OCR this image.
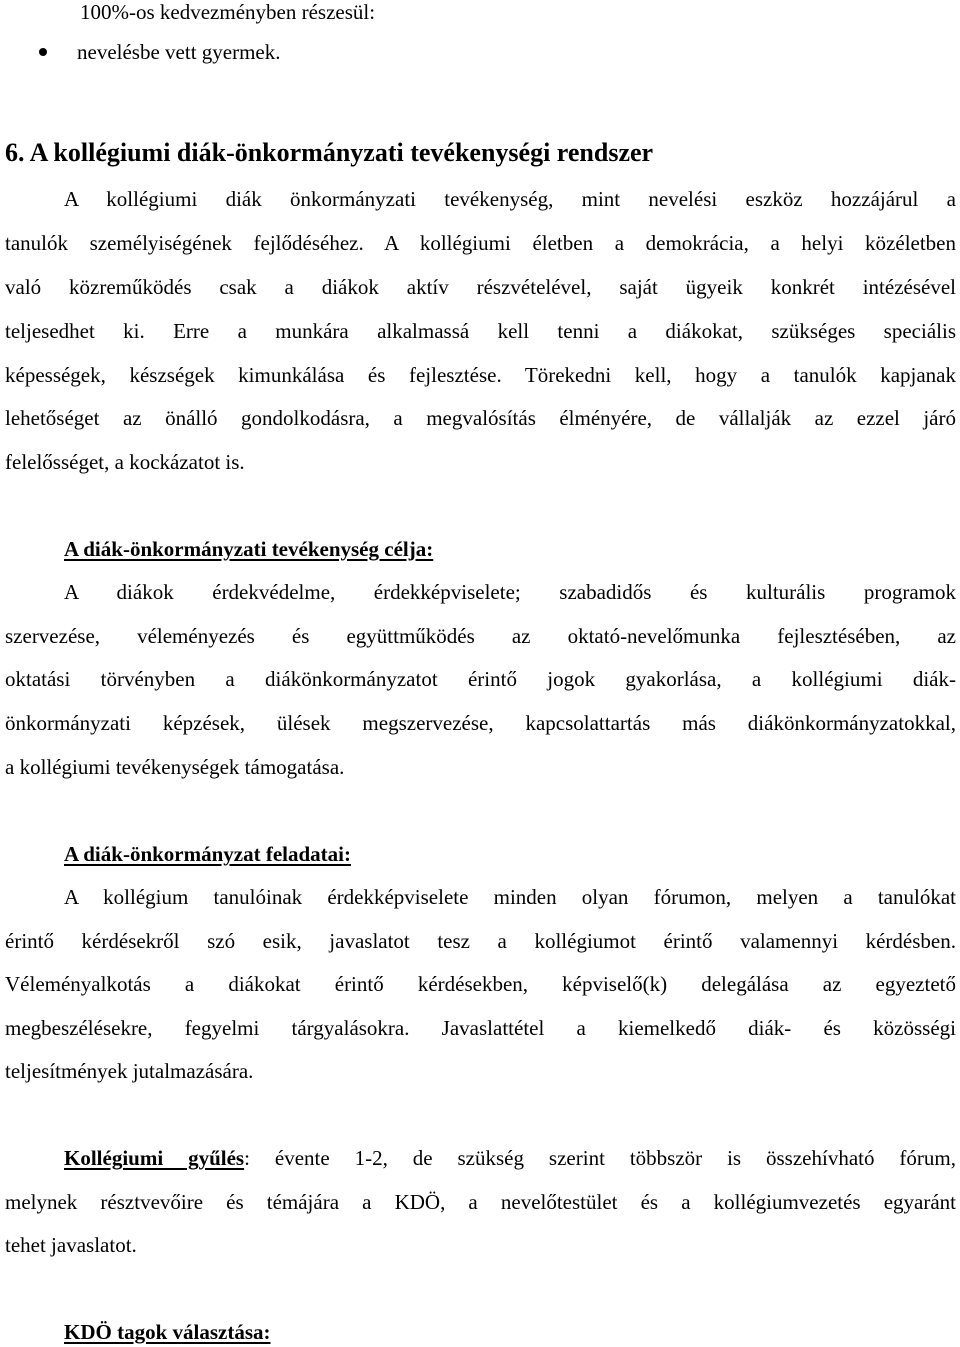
100%-os kedvezményben részesül:
nevelésbe vett gyermek.
6. A kollégiumi diák-önkormányzati tevékenységi rendszer
A kollégiumi diák önkormányzati tevékenység, mint nevelési eszköz hozzájárul a
tanulók személyiségének fejlődéséhez. A kollégiumi életben a demokrácia, a helyi közéletben
való közreműködés csak a diákok aktív részvételével, saját ügyeik konkrét intézésével
teljesedhet ki. Erre a munkára alkalmassá kell tenni a diákokat, szükséges speciális
képességek, készségek kimunkálása és fejlesztése. Törekedni kell, hogy a tanulók kapjanak
lehetőséget az önálló gondolkodásra, a megvalósítás élményére, de vállalják az ezzel járó
felelősséget, a kockázatot is.
A diák-önkormányzati tevékenység célja:
A diákok érdekvédelme, érdekképviselete; szabadidős és kulturális programok
szervezése, véleményezés és együttműködés az oktató-nevelőmunka fejlesztésében, az
oktatási törvényben a diákönkormányzatot érintő jogok gyakorlása, a kollégiumi diák-
önkormányzati képzések, ülések megszervezése, kapcsolattartás más diákönkormányzatokkal,
a kollégiumi tevékenységek támogatása.
A diák-önkormányzat feladatai:
A kollégium tanulóinak érdekképviselete minden olyan fórumon, melyen a tanulókat
érintő kérdésekről szó esik, javaslatot tesz a kollégiumot érintő valamennyi kérdésben.
Véleményalkotás a diákokat érintő kérdésekben, képviselő(k) delegálása az egyeztető
megbeszélésekre, fegyelmi tárgyalásokra. Javaslattétel a kiemelkedő diák- és közösségi
teljesítmények jutalmazására.
Kollégiumi gyűlés: évente 1-2, de szükség szerint többször is összehívható fórum,
melynek résztvevőire és témájára a KDÖ, a nevelőtestület és a kollégiumvezetés egyaránt
tehet javaslatot.
KDÖ tagok választása:
